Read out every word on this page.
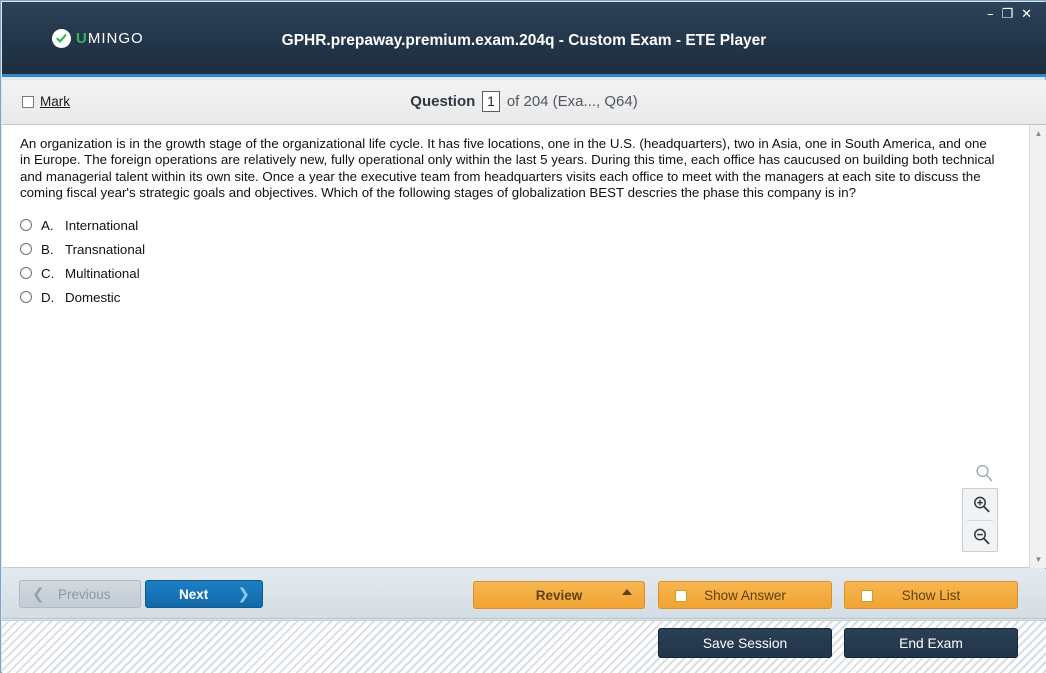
UMINGO	GPHR.prepaway.premium.exam.204q - Custom Exam - ETE Player
– ❐ ✕
Mark	Question 1 of 204 (Exa..., Q64)
An organization is in the growth stage of the organizational life cycle. It has five locations, one in the U.S. (headquarters), two in Asia, one in South America, and one in Europe. The foreign operations are relatively new, fully operational only within the last 5 years. During this time, each office has caucused on building both technical and managerial talent within its own site. Once a year the executive team from headquarters visits each office to meet with the managers at each site to discuss the coming fiscal year's strategic goals and objectives. Which of the following stages of globalization BEST descries the phase this company is in?
A. International
B. Transnational
C. Multinational
D. Domestic
▲
▼
❮ Previous	Next ❯	Review	Show Answer	Show List
Save Session	End Exam
